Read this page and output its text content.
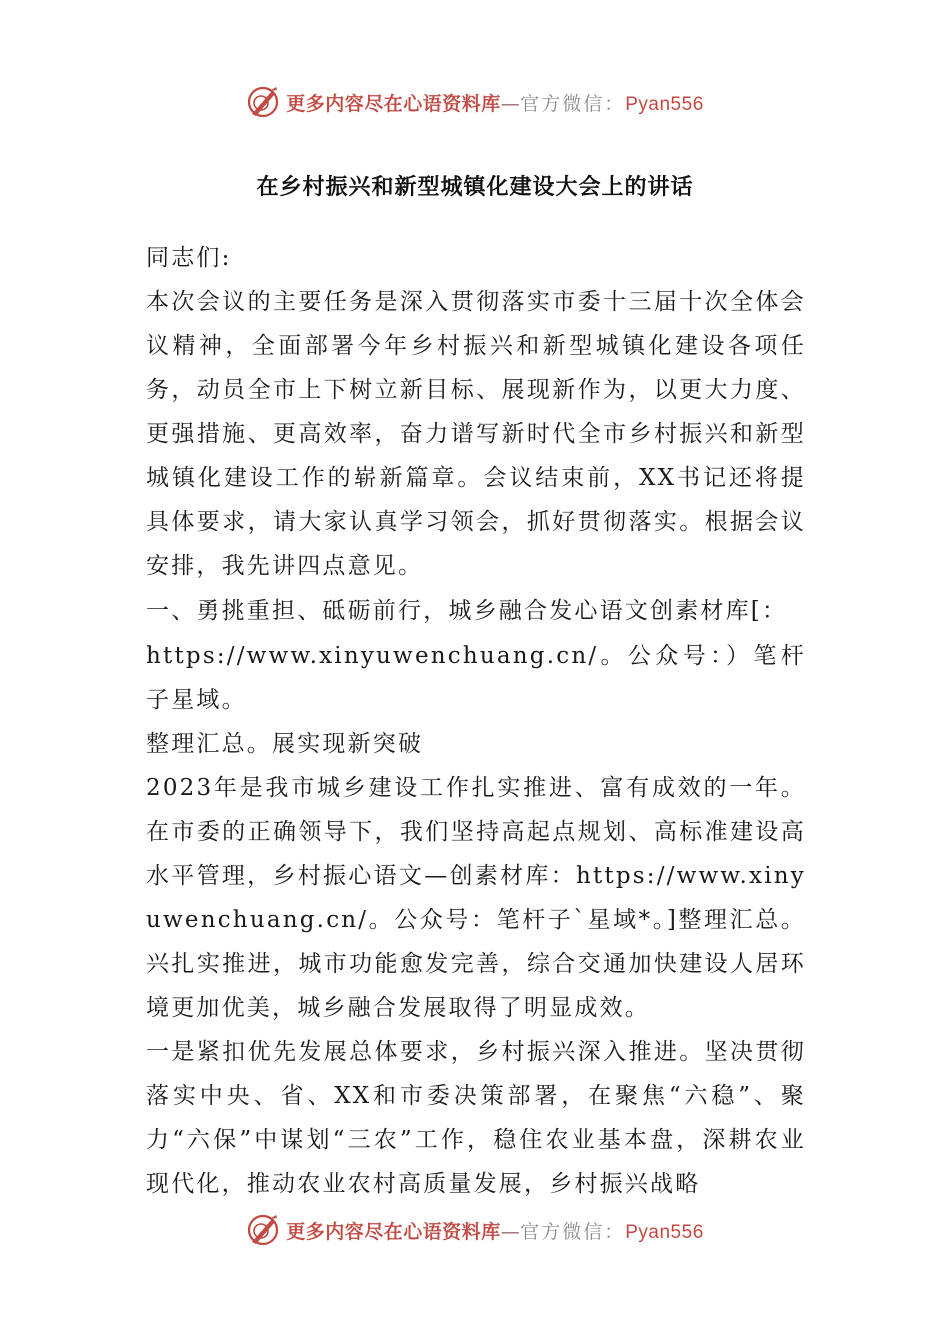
更多内容尽在心语资料库—官方微信：Pyan556
在乡村振兴和新型城镇化建设大会上的讲话

同志们:

本次会议的主要任务是深入贯彻落实市委十三届十次全体会议精神，全面部署今年乡村振兴和新型城镇化建设各项任务，动员全市上下树立新目标、展现新作为，以更大力度、更强措施、更高效率，奋力谱写新时代全市乡村振兴和新型城镇化建设工作的崭新篇章。会议结束前，XX书记还将提具体要求，请大家认真学习领会，抓好贯彻落实。根据会议安排，我先讲四点意见。

一、勇挑重担、砥砺前行，城乡融合发心语文创素材库[：

https://www.xinyuwenchuang.cn/。公众号：）笔杆子星域。

整理汇总。展实现新突破

2023年是我市城乡建设工作扎实推进、富有成效的一年。在市委的正确领导下，我们坚持高起点规划、高标准建设高水平管理，乡村振心语文—创素材库：https://www.xinyuwenchuang.cn/。公众号：笔杆子`星域*。]整理汇总。兴扎实推进，城市功能愈发完善，综合交通加快建设人居环境更加优美，城乡融合发展取得了明显成效。

一是紧扣优先发展总体要求，乡村振兴深入推进。坚决贯彻落实中央、省、XX和市委决策部署，在聚焦“六稳”、聚力“六保”中谋划“三农”工作，稳住农业基本盘，深耕农业现代化，推动农业农村高质量发展，乡村振兴战略

更多内容尽在心语资料库—官方微信：Pyan556
